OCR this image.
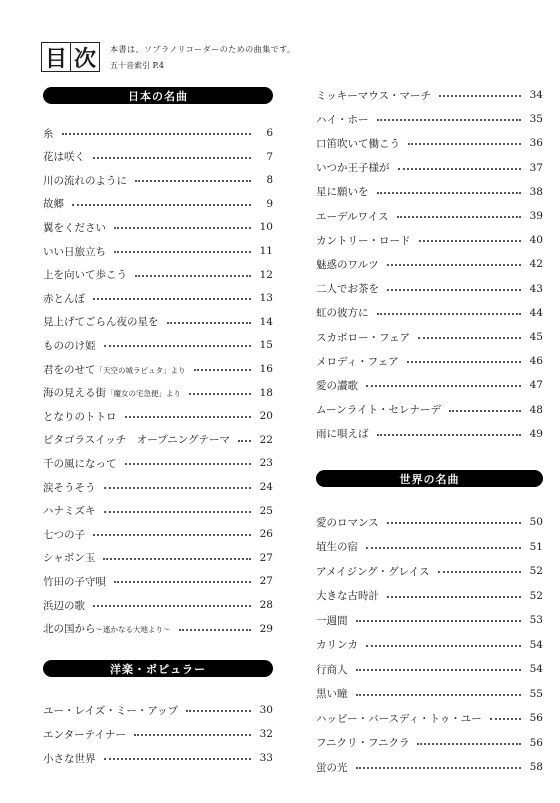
目 次	本書は、ソプラノリコーダーのための曲集です。
五十音索引 P.4
日本の名曲
糸	6
花は咲く	7
川の流れのように	8
故郷	9
翼をください	10
いい日旅立ち	11
上を向いて歩こう	12
赤とんぼ	13
見上げてごらん夜の星を	14
もののけ姫	15
君をのせて「天空の城ラピュタ」より	16
海の見える街「魔女の宅急便」より	18
となりのトトロ	20
ピタゴラスイッチ　オープニングテーマ	22
千の風になって	23
涙そうそう	24
ハナミズキ	25
七つの子	26
シャボン玉	27
竹田の子守唄	27
浜辺の歌	28
北の国から～遙かなる大地より～	29
洋楽・ポピュラー
ユー・レイズ・ミー・アップ	30
エンターテイナー	32
小さな世界	33
ミッキーマウス・マーチ	34
ハイ・ホー	35
口笛吹いて働こう	36
いつか王子様が	37
星に願いを	38
エーデルワイス	39
カントリー・ロード	40
魅惑のワルツ	42
二人でお茶を	43
虹の彼方に	44
スカボロー・フェア	45
メロディ・フェア	46
愛の讃歌	47
ムーンライト・セレナーデ	48
雨に唄えば	49
世界の名曲
愛のロマンス	50
埴生の宿	51
アメイジング・グレイス	52
大きな古時計	52
一週間	53
カリンカ	54
行商人	54
黒い瞳	55
ハッピー・バースディ・トゥ・ユー	56
フニクリ・フニクラ	56
蛍の光	58
